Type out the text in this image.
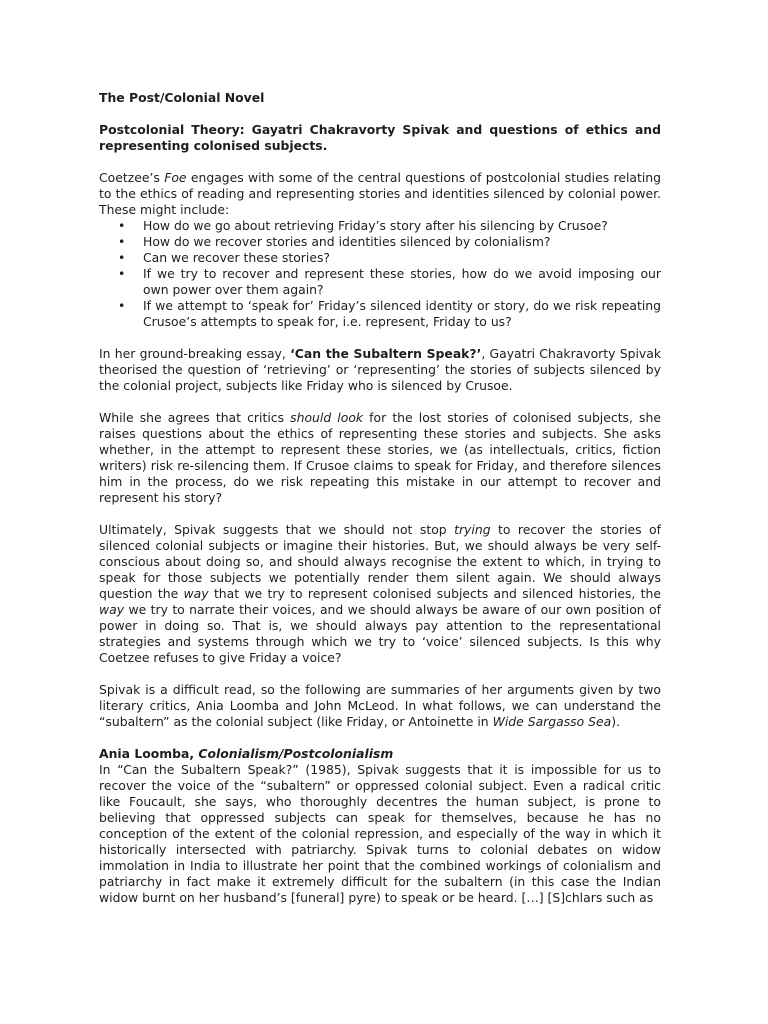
The Post/Colonial Novel

Postcolonial Theory: Gayatri Chakravorty Spivak and questions of ethics and representing colonised subjects.

Coetzee’s Foe engages with some of the central questions of postcolonial studies relating to the ethics of reading and representing stories and identities silenced by colonial power. These might include:

• How do we go about retrieving Friday’s story after his silencing by Crusoe?
• How do we recover stories and identities silenced by colonialism?
• Can we recover these stories?
• If we try to recover and represent these stories, how do we avoid imposing our own power over them again?
• If we attempt to ‘speak for’ Friday’s silenced identity or story, do we risk repeating Crusoe’s attempts to speak for, i.e. represent, Friday to us?

In her ground-breaking essay, ‘Can the Subaltern Speak?’, Gayatri Chakravorty Spivak theorised the question of ‘retrieving’ or ‘representing’ the stories of subjects silenced by the colonial project, subjects like Friday who is silenced by Crusoe.

While she agrees that critics should look for the lost stories of colonised subjects, she raises questions about the ethics of representing these stories and subjects. She asks whether, in the attempt to represent these stories, we (as intellectuals, critics, fiction writers) risk re-silencing them. If Crusoe claims to speak for Friday, and therefore silences him in the process, do we risk repeating this mistake in our attempt to recover and represent his story?

Ultimately, Spivak suggests that we should not stop trying to recover the stories of silenced colonial subjects or imagine their histories. But, we should always be very self-conscious about doing so, and should always recognise the extent to which, in trying to speak for those subjects we potentially render them silent again. We should always question the way that we try to represent colonised subjects and silenced histories, the way we try to narrate their voices, and we should always be aware of our own position of power in doing so. That is, we should always pay attention to the representational strategies and systems through which we try to ‘voice’ silenced subjects. Is this why Coetzee refuses to give Friday a voice?

Spivak is a difficult read, so the following are summaries of her arguments given by two literary critics, Ania Loomba and John McLeod. In what follows, we can understand the “subaltern” as the colonial subject (like Friday, or Antoinette in Wide Sargasso Sea).

Ania Loomba, Colonialism/Postcolonialism

In “Can the Subaltern Speak?” (1985), Spivak suggests that it is impossible for us to recover the voice of the “subaltern” or oppressed colonial subject. Even a radical critic like Foucault, she says, who thoroughly decentres the human subject, is prone to believing that oppressed subjects can speak for themselves, because he has no conception of the extent of the colonial repression, and especially of the way in which it historically intersected with patriarchy. Spivak turns to colonial debates on widow immolation in India to illustrate her point that the combined workings of colonialism and patriarchy in fact make it extremely difficult for the subaltern (in this case the Indian widow burnt on her husband’s [funeral] pyre) to speak or be heard. […] [S]chlars such as
